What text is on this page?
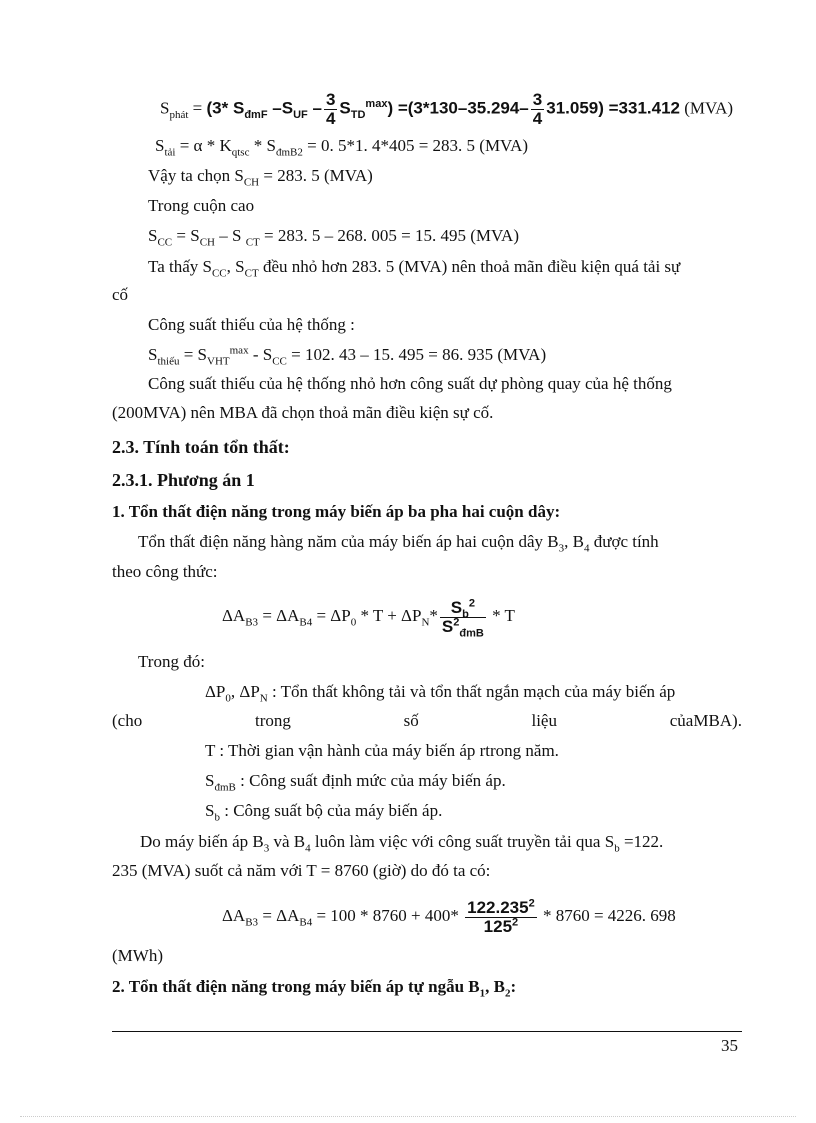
$S_{phát} = (3*$ $S_{đmF}$ $-S_{UF} - \frac{3}{4} S_{TD}^{max}) =(3*130-35.294- \frac{3}{4} 31.059) =331.412$ (MVA)
$S_{tải} = \alpha * K_{qtsc} * S_{đmB2} = 0$. 5*1. 4*405 = 283. 5 (MVA)
Vậy ta chọn $S_{CH} = 283$. 5 (MVA)
Trong cuộn cao
$S_{CC} = S_{CH} - S$ $_{CT}$ = 283. 5 – 268. 005 = 15. 495 (MVA)
Ta thấy $S_{CC}$, $S_{CT}$ đều nhỏ hơn 283. 5 (MVA) nên thoả mãn điều kiện quá tải sự
cố
Công suất thiếu của hệ thống :
$S_{thiếu} = S_{VHT}^{max} - S_{CC} = 102$. 43 – 15. 495 = 86. 935 (MVA)
Công suất thiếu của hệ thống nhỏ hơn công suất dự phòng quay của hệ thống
(200MVA) nên MBA đã chọn thoả mãn điều kiện sự cố.
2.3. Tính toán tổn thất:
2.3.1. Phương án 1
1. Tổn thất điện năng trong máy biến áp ba pha hai cuộn dây:
Tổn thất điện năng hàng năm của máy biến áp hai cuộn dây $B_3$, $B_4$ được tính
theo công thức:
$\Delta A_{B3} = \Delta A_{B4} = \Delta P_0 * T + \Delta P_N* \frac{S_b^2}{S^2_{đmB}} * T$
Trong đó:
$\Delta P_0$, $\Delta P_N$ : Tổn thất không tải và tổn thất ngắn mạch của máy biến áp
(cho	trong	số	liệu	củaMBA).
T : Thời gian vận hành của máy biến áp rtrong năm.
$S_{đmB}$ : Công suất định mức của máy biến áp.
$S_b$ : Công suất bộ của máy biến áp.
Do máy biến áp $B_3$ và $B_4$ luôn làm việc với công suất truyền tải qua $S_b =122$.
235 (MVA) suốt cả năm với T = 8760 (giờ) do đó ta có:
$\Delta A_{B3} = \Delta A_{B4} = 100 * 8760 + 400* \frac{122.235^2}{125^2} * 8760 = 4226$. 698
(MWh)
2. Tổn thất điện năng trong máy biến áp tự ngẫu $B_1$, $B_2$:
35
